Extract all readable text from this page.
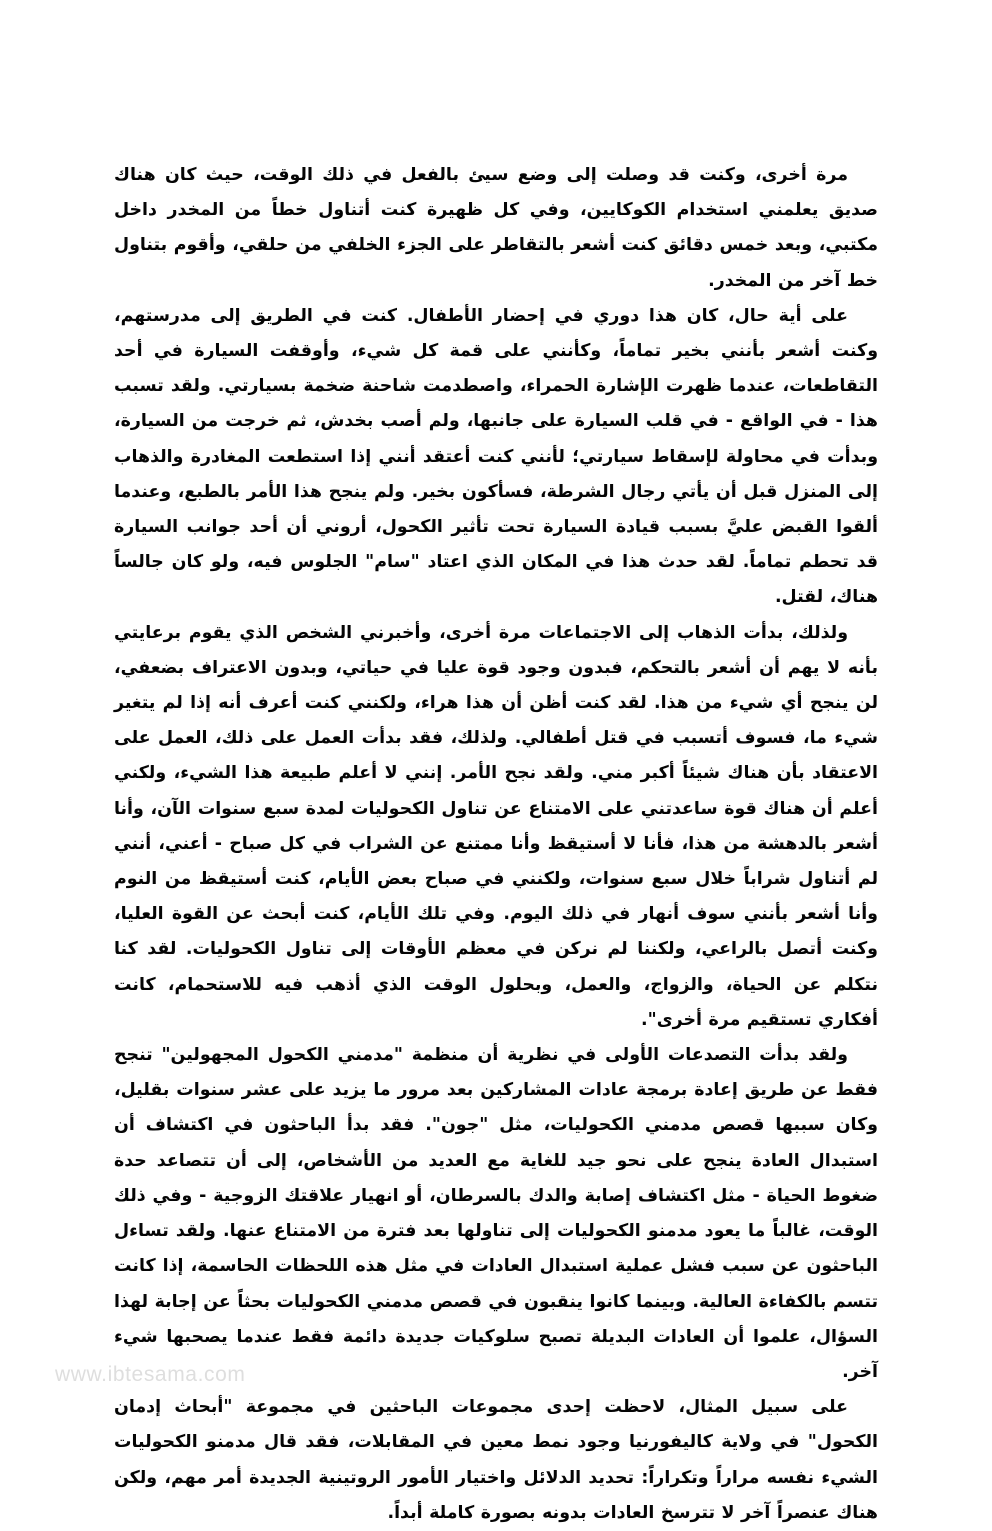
مرة أخرى، وكنت قد وصلت إلى وضع سيئ بالفعل في ذلك الوقت، حيث كان هناك صديق يعلمني استخدام الكوكايين، وفي كل ظهيرة كنت أتناول خطاً من المخدر داخل مكتبي، وبعد خمس دقائق كنت أشعر بالتقاطر على الجزء الخلفي من حلقي، وأقوم بتناول خط آخر من المخدر.

على أية حال، كان هذا دوري في إحضار الأطفال. كنت في الطريق إلى مدرستهم، وكنت أشعر بأنني بخير تماماً، وكأنني على قمة كل شيء، وأوقفت السيارة في أحد التقاطعات، عندما ظهرت الإشارة الحمراء، واصطدمت شاحنة ضخمة بسيارتي. ولقد تسبب هذا - في الواقع - في قلب السيارة على جانبها، ولم أصب بخدش، ثم خرجت من السيارة، وبدأت في محاولة لإسقاط سيارتي؛ لأنني كنت أعتقد أنني إذا استطعت المغادرة والذهاب إلى المنزل قبل أن يأتي رجال الشرطة، فسأكون بخير. ولم ينجح هذا الأمر بالطبع، وعندما ألقوا القبض عليَّ بسبب قيادة السيارة تحت تأثير الكحول، أروني أن أحد جوانب السيارة قد تحطم تماماً. لقد حدث هذا في المكان الذي اعتاد "سام" الجلوس فيه، ولو كان جالساً هناك، لقتل.

ولذلك، بدأت الذهاب إلى الاجتماعات مرة أخرى، وأخبرني الشخص الذي يقوم برعايتي بأنه لا يهم أن أشعر بالتحكم، فبدون وجود قوة عليا في حياتي، وبدون الاعتراف بضعفي، لن ينجح أي شيء من هذا. لقد كنت أظن أن هذا هراء، ولكنني كنت أعرف أنه إذا لم يتغير شيء ما، فسوف أتسبب في قتل أطفالي. ولذلك، فقد بدأت العمل على ذلك، العمل على الاعتقاد بأن هناك شيئاً أكبر مني. ولقد نجح الأمر. إنني لا أعلم طبيعة هذا الشيء، ولكني أعلم أن هناك قوة ساعدتني على الامتناع عن تناول الكحوليات لمدة سبع سنوات الآن، وأنا أشعر بالدهشة من هذا، فأنا لا أستيقظ وأنا ممتنع عن الشراب في كل صباح - أعني، أنني لم أتناول شراباً خلال سبع سنوات، ولكنني في صباح بعض الأيام، كنت أستيقظ من النوم وأنا أشعر بأنني سوف أنهار في ذلك اليوم. وفي تلك الأيام، كنت أبحث عن القوة العليا، وكنت أتصل بالراعي، ولكننا لم نركن في معظم الأوقات إلى تناول الكحوليات. لقد كنا نتكلم عن الحياة، والزواج، والعمل، وبحلول الوقت الذي أذهب فيه للاستحمام، كانت أفكاري تستقيم مرة أخرى".

ولقد بدأت التصدعات الأولى في نظرية أن منظمة "مدمني الكحول المجهولين" تنجح فقط عن طريق إعادة برمجة عادات المشاركين بعد مرور ما يزيد على عشر سنوات بقليل، وكان سببها قصص مدمني الكحوليات، مثل "جون". فقد بدأ الباحثون في اكتشاف أن استبدال العادة ينجح على نحو جيد للغاية مع العديد من الأشخاص، إلى أن تتصاعد حدة ضغوط الحياة - مثل اكتشاف إصابة والدك بالسرطان، أو انهيار علاقتك الزوجية - وفي ذلك الوقت، غالباً ما يعود مدمنو الكحوليات إلى تناولها بعد فترة من الامتناع عنها. ولقد تساءل الباحثون عن سبب فشل عملية استبدال العادات في مثل هذه اللحظات الحاسمة، إذا كانت تتسم بالكفاءة العالية. وبينما كانوا ينقبون في قصص مدمني الكحوليات بحثاً عن إجابة لهذا السؤال، علموا أن العادات البديلة تصبح سلوكيات جديدة دائمة فقط عندما يصحبها شيء آخر.

على سبيل المثال، لاحظت إحدى مجموعات الباحثين في مجموعة "أبحاث إدمان الكحول" في ولاية كاليفورنيا وجود نمط معين في المقابلات، فقد قال مدمنو الكحوليات الشيء نفسه مراراً وتكراراً: تحديد الدلائل واختيار الأمور الروتينية الجديدة أمر مهم، ولكن هناك عنصراً آخر لا تترسخ العادات بدونه بصورة كاملة أبداً.

www.ibtesama.com
